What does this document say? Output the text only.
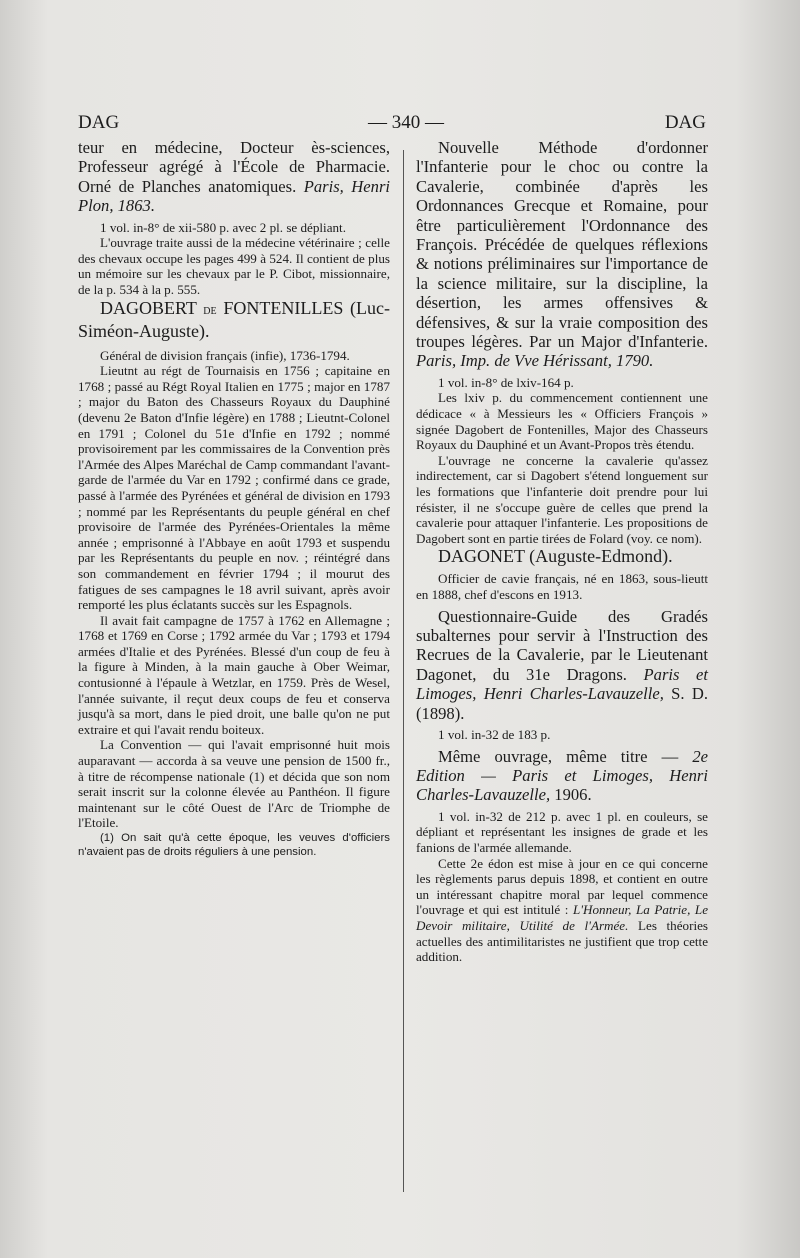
DAG	— 340 —	DAG

teur en médecine, Docteur ès-sciences, Professeur agrégé à l'École de Pharmacie. Orné de Planches anatomiques. Paris, Henri Plon, 1863.

1 vol. in-8° de xii-580 p. avec 2 pl. se dépliant.

L'ouvrage traite aussi de la médecine vétérinaire ; celle des chevaux occupe les pages 499 à 524. Il contient de plus un mémoire sur les chevaux par le P. Cibot, missionnaire, de la p. 534 à la p. 555.

DAGOBERT de FONTENILLES (Luc-Siméon-Auguste).

Général de division français (infie), 1736-1794.

Lieutnt au régt de Tournaisis en 1756 ; capitaine en 1768 ; passé au Régt Royal Italien en 1775 ; major en 1787 ; major du Baton des Chasseurs Royaux du Dauphiné (devenu 2e Baton d'Infie légère) en 1788 ; Lieutnt-Colonel en 1791 ; Colonel du 51e d'Infie en 1792 ; nommé provisoirement par les commissaires de la Convention près l'Armée des Alpes Maréchal de Camp commandant l'avant-garde de l'armée du Var en 1792 ; confirmé dans ce grade, passé à l'armée des Pyrénées et général de division en 1793 ; nommé par les Représentants du peuple général en chef provisoire de l'armée des Pyrénées-Orientales la même année ; emprisonné à l'Abbaye en août 1793 et suspendu par les Représentants du peuple en nov. ; réintégré dans son commandement en février 1794 ; il mourut des fatigues de ses campagnes le 18 avril suivant, après avoir remporté les plus éclatants succès sur les Espagnols.

Il avait fait campagne de 1757 à 1762 en Allemagne ; 1768 et 1769 en Corse ; 1792 armée du Var ; 1793 et 1794 armées d'Italie et des Pyrénées. Blessé d'un coup de feu à la figure à Minden, à la main gauche à Ober Weimar, contusionné à l'épaule à Wetzlar, en 1759. Près de Wesel, l'année suivante, il reçut deux coups de feu et conserva jusqu'à sa mort, dans le pied droit, une balle qu'on ne put extraire et qui l'avait rendu boiteux.

La Convention — qui l'avait emprisonné huit mois auparavant — accorda à sa veuve une pension de 1500 fr., à titre de récompense nationale (1) et décida que son nom serait inscrit sur la colonne élevée au Panthéon. Il figure maintenant sur le côté Ouest de l'Arc de Triomphe de l'Etoile.

(1) On sait qu'à cette époque, les veuves d'officiers n'avaient pas de droits réguliers à une pension.

Nouvelle Méthode d'ordonner l'Infanterie pour le choc ou contre la Cavalerie, combinée d'après les Ordonnances Grecque et Romaine, pour être particulièrement l'Ordonnance des François. Précédée de quelques réflexions & notions préliminaires sur l'importance de la science militaire, sur la discipline, la désertion, les armes offensives & défensives, & sur la vraie composition des troupes légères. Par un Major d'Infanterie. Paris, Imp. de Vve Hérissant, 1790.

1 vol. in-8° de lxiv-164 p.

Les lxiv p. du commencement contiennent une dédicace « à Messieurs les « Officiers François » signée Dagobert de Fontenilles, Major des Chasseurs Royaux du Dauphiné et un Avant-Propos très étendu.

L'ouvrage ne concerne la cavalerie qu'assez indirectement, car si Dagobert s'étend longuement sur les formations que l'infanterie doit prendre pour lui résister, il ne s'occupe guère de celles que prend la cavalerie pour attaquer l'infanterie. Les propositions de Dagobert sont en partie tirées de Folard (voy. ce nom).

DAGONET (Auguste-Edmond).

Officier de cavie français, né en 1863, sous-lieutt en 1888, chef d'escons en 1913.

Questionnaire-Guide des Gradés subalternes pour servir à l'Instruction des Recrues de la Cavalerie, par le Lieutenant Dagonet, du 31e Dragons. Paris et Limoges, Henri Charles-Lavauzelle, S. D. (1898).

1 vol. in-32 de 183 p.

Même ouvrage, même titre — 2e Edition — Paris et Limoges, Henri Charles-Lavauzelle, 1906.

1 vol. in-32 de 212 p. avec 1 pl. en couleurs, se dépliant et représentant les insignes de grade et les fanions de l'armée allemande.

Cette 2e édon est mise à jour en ce qui concerne les règlements parus depuis 1898, et contient en outre un intéressant chapitre moral par lequel commence l'ouvrage et qui est intitulé : L'Honneur, La Patrie, Le Devoir militaire, Utilité de l'Armée. Les théories actuelles des antimilitaristes ne justifient que trop cette addition.
